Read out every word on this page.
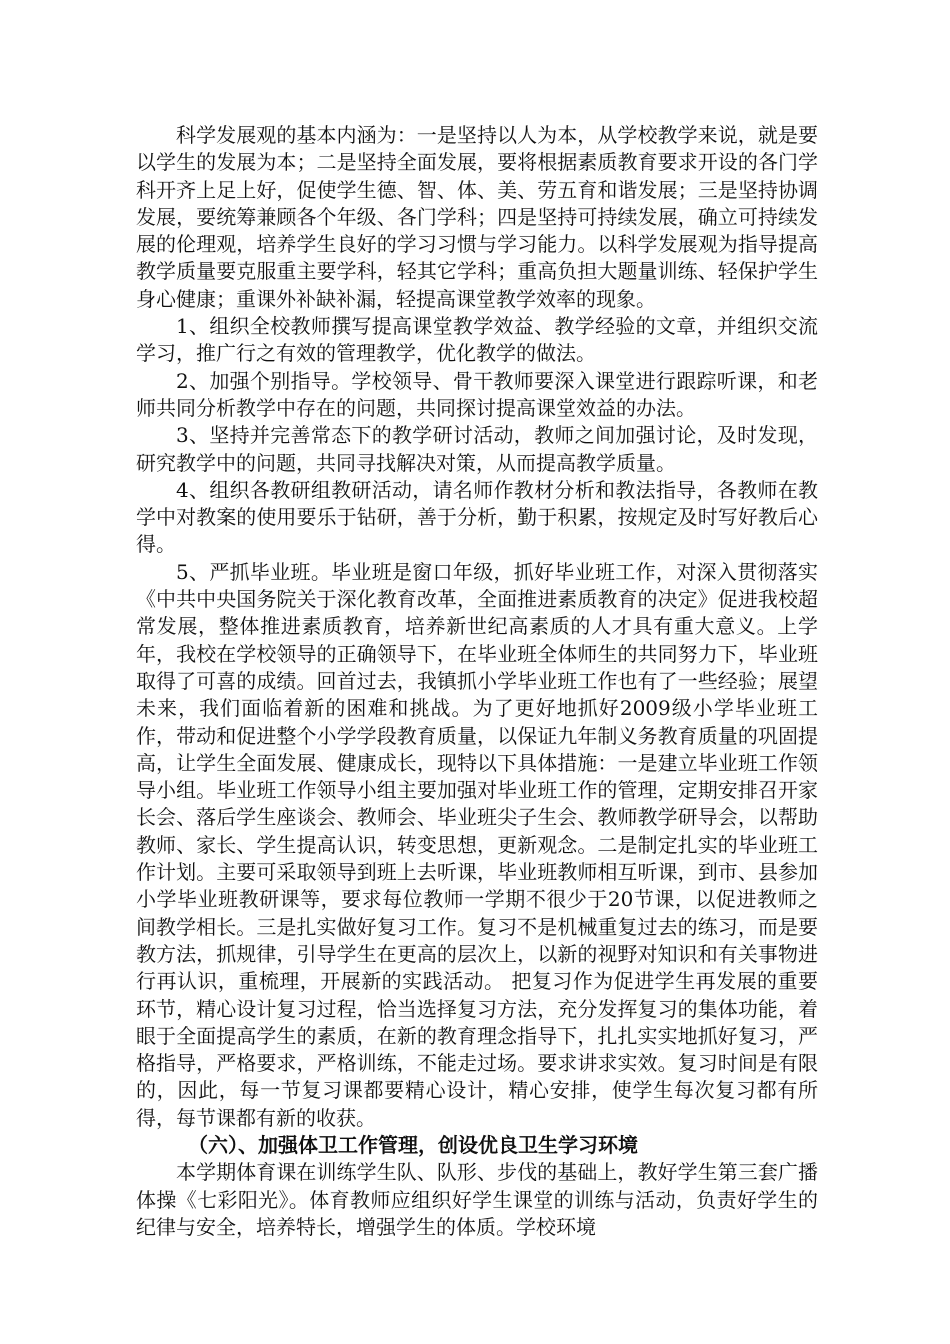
科学发展观的基本内涵为：一是坚持以人为本，从学校教学来说，就是要以学生的发展为本；二是坚持全面发展，要将根据素质教育要求开设的各门学科开齐上足上好，促使学生德、智、体、美、劳五育和谐发展；三是坚持协调发展，要统筹兼顾各个年级、各门学科；四是坚持可持续发展，确立可持续发展的伦理观，培养学生良好的学习习惯与学习能力。以科学发展观为指导提高教学质量要克服重主要学科，轻其它学科；重高负担大题量训练、轻保护学生身心健康；重课外补缺补漏，轻提高课堂教学效率的现象。

1、组织全校教师撰写提高课堂教学效益、教学经验的文章，并组织交流学习，推广行之有效的管理教学，优化教学的做法。

2、加强个别指导。学校领导、骨干教师要深入课堂进行跟踪听课，和老师共同分析教学中存在的问题，共同探讨提高课堂效益的办法。

3、坚持并完善常态下的教学研讨活动，教师之间加强讨论，及时发现，研究教学中的问题，共同寻找解决对策，从而提高教学质量。

4、组织各教研组教研活动，请名师作教材分析和教法指导，各教师在教学中对教案的使用要乐于钻研，善于分析，勤于积累，按规定及时写好教后心得。

5、严抓毕业班。毕业班是窗口年级，抓好毕业班工作，对深入贯彻落实《中共中央国务院关于深化教育改革，全面推进素质教育的决定》促进我校超常发展，整体推进素质教育，培养新世纪高素质的人才具有重大意义。上学年，我校在学校领导的正确领导下，在毕业班全体师生的共同努力下，毕业班取得了可喜的成绩。回首过去，我镇抓小学毕业班工作也有了一些经验；展望未来，我们面临着新的困难和挑战。为了更好地抓好2009级小学毕业班工作，带动和促进整个小学学段教育质量，以保证九年制义务教育质量的巩固提高，让学生全面发展、健康成长，现特以下具体措施：一是建立毕业班工作领导小组。毕业班工作领导小组主要加强对毕业班工作的管理，定期安排召开家长会、落后学生座谈会、教师会、毕业班尖子生会、教师教学研导会，以帮助教师、家长、学生提高认识，转变思想，更新观念。二是制定扎实的毕业班工作计划。主要可采取领导到班上去听课，毕业班教师相互听课，到市、县参加小学毕业班教研课等，要求每位教师一学期不很少于20节课，以促进教师之间教学相长。三是扎实做好复习工作。复习不是机械重复过去的练习，而是要教方法，抓规律，引导学生在更高的层次上，以新的视野对知识和有关事物进行再认识，重梳理，开展新的实践活动。 把复习作为促进学生再发展的重要环节，精心设计复习过程，恰当选择复习方法，充分发挥复习的集体功能，着眼于全面提高学生的素质，在新的教育理念指导下，扎扎实实地抓好复习，严格指导，严格要求，严格训练，不能走过场。要求讲求实效。复习时间是有限的，因此，每一节复习课都要精心设计，精心安排，使学生每次复习都有所得，每节课都有新的收获。

（六）、加强体卫工作管理，创设优良卫生学习环境

本学期体育课在训练学生队、队形、步伐的基础上，教好学生第三套广播体操《七彩阳光》。体育教师应组织好学生课堂的训练与活动，负责好学生的纪律与安全，培养特长，增强学生的体质。学校环境
